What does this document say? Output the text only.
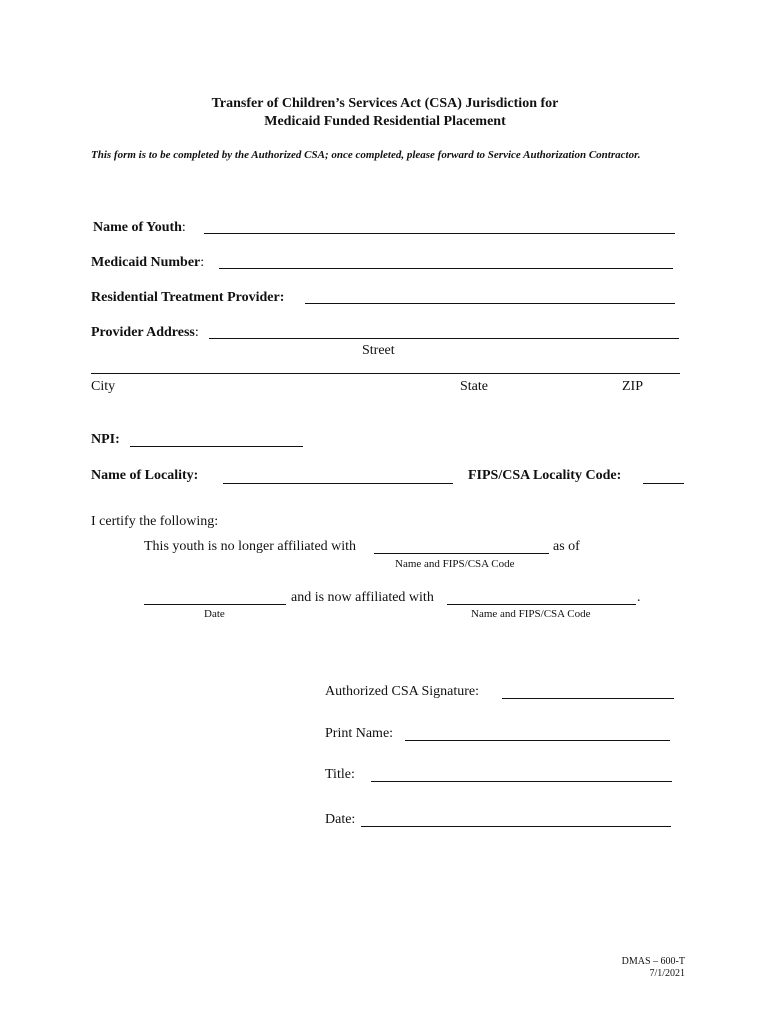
Transfer of Children’s Services Act (CSA) Jurisdiction for
Medicaid Funded Residential Placement
This form is to be completed by the Authorized CSA; once completed, please forward to Service Authorization Contractor.
Name of Youth:
Medicaid Number:
Residential Treatment Provider:
Provider Address:
Street
City	State	ZIP
NPI:
Name of Locality:	FIPS/CSA Locality Code:
I certify the following:
This youth is no longer affiliated with	as of
Name and FIPS/CSA Code
and is now affiliated with	.
Date	Name and FIPS/CSA Code
Authorized CSA Signature:
Print Name:
Title:
Date:
DMAS – 600-T
7/1/2021
